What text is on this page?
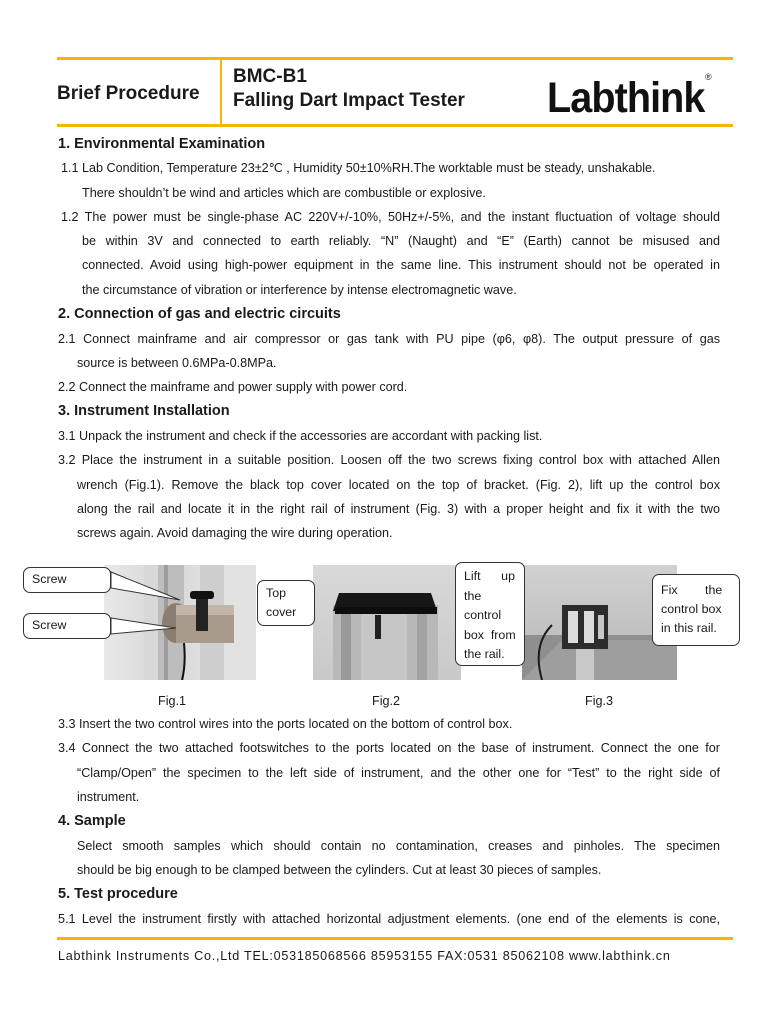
Brief Procedure
BMC-B1
Falling Dart Impact Tester Labthink ®
1. Environmental Examination
1.1 Lab Condition, Temperature 23±2℃ , Humidity 50±10%RH.The worktable must be steady, unshakable.
There shouldn’t be wind and articles which are combustible or explosive.
1.2 The power must be single-phase AC 220V+/-10%, 50Hz+/-5%, and the instant fluctuation of voltage should
be within 3V and connected to earth reliably. “N” (Naught) and “E” (Earth) cannot be misused and
connected. Avoid using high-power equipment in the same line. This instrument should not be operated in
the circumstance of vibration or interference by intense electromagnetic wave.
2. Connection of gas and electric circuits
2.1 Connect mainframe and air compressor or gas tank with PU pipe (φ6, φ8). The output pressure of gas
source is between 0.6MPa-0.8MPa.
2.2 Connect the mainframe and power supply with power cord.
3. Instrument Installation
3.1 Unpack the instrument and check if the accessories are accordant with packing list.
3.2 Place the instrument in a suitable position. Loosen off the two screws fixing control box with attached Allen
wrench (Fig.1). Remove the black top cover located on the top of bracket. (Fig. 2), lift up the control box
along the rail and locate it in the right rail of instrument (Fig. 3) with a proper height and fix it with the two
screws again. Avoid damaging the wire during operation.
Screw
Screw
Top
cover
Lift      up
the
control
box  from
the rail.
Fix        the
control box
in this rail.
Fig.1	Fig.2	Fig.3
3.3 Insert the two control wires into the ports located on the bottom of control box.
3.4 Connect the two attached footswitches to the ports located on the base of instrument. Connect the one for
“Clamp/Open” the specimen to the left side of instrument, and the other one for “Test” to the right side of
instrument.
4. Sample
Select smooth samples which should contain no contamination, creases and pinholes. The specimen
should be big enough to be clamped between the cylinders. Cut at least 30 pieces of samples.
5. Test procedure
5.1 Level the instrument firstly with attached horizontal adjustment elements. (one end of the elements is cone,
Labthink Instruments Co.,Ltd TEL:053185068566 85953155 FAX:0531 85062108 www.labthink.cn
